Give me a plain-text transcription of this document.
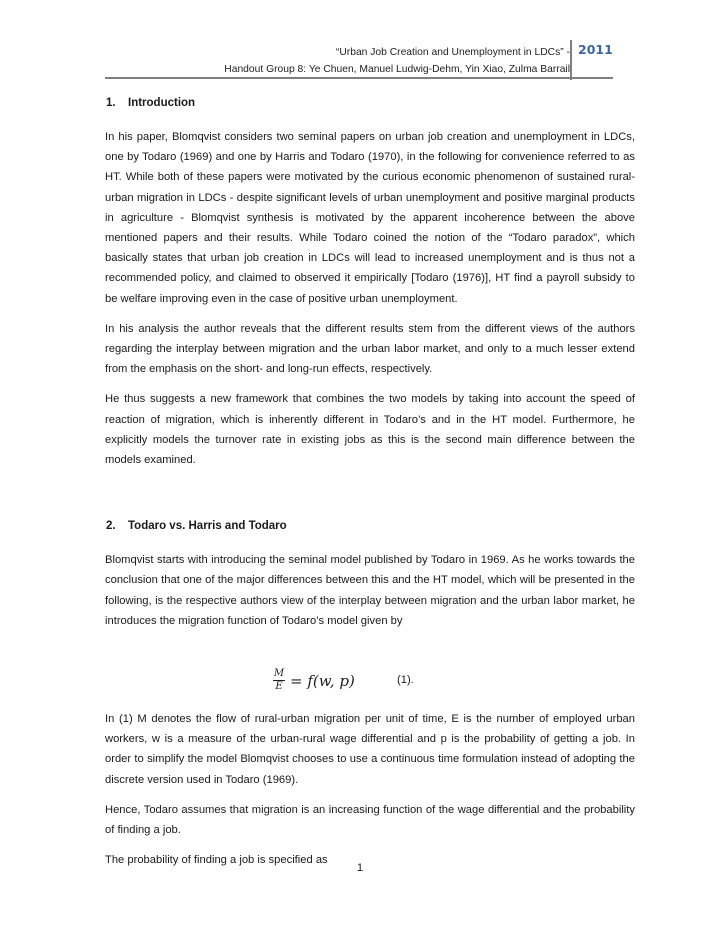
“Urban Job Creation and Unemployment in LDCs” -
Handout Group 8: Ye Chuen, Manuel Ludwig-Dehm, Yin Xiao, Zulma Barrail
2011
1. Introduction

In his paper, Blomqvist considers two seminal papers on urban job creation and unemployment in LDCs, one by Todaro (1969) and one by Harris and Todaro (1970), in the following for convenience referred to as HT. While both of these papers were motivated by the curious economic phenomenon of sustained rural-urban migration in LDCs - despite significant levels of urban unemployment and positive marginal products in agriculture - Blomqvist synthesis is motivated by the apparent incoherence between the above mentioned papers and their results. While Todaro coined the notion of the “Todaro paradox”, which basically states that urban job creation in LDCs will lead to increased unemployment and is thus not a recommended policy, and claimed to observed it empirically [Todaro (1976)], HT find a payroll subsidy to be welfare improving even in the case of positive urban unemployment.

In his analysis the author reveals that the different results stem from the different views of the authors regarding the interplay between migration and the urban labor market, and only to a much lesser extend from the emphasis on the short- and long-run effects, respectively.

He thus suggests a new framework that combines the two models by taking into account the speed of reaction of migration, which is inherently different in Todaro’s and in the HT model. Furthermore, he explicitly models the turnover rate in existing jobs as this is the second main difference between the models examined.

2. Todaro vs. Harris and Todaro

Blomqvist starts with introducing the seminal model published by Todaro in 1969. As he works towards the conclusion that one of the major differences between this and the HT model, which will be presented in the following, is the respective authors view of the interplay between migration and the urban labor market, he introduces the migration function of Todaro’s model given by

$\frac{M}{E} = f(w$, p)	(1).

In (1) M denotes the flow of rural-urban migration per unit of time, E is the number of employed urban workers, w is a measure of the urban-rural wage differential and p is the probability of getting a job. In order to simplify the model Blomqvist chooses to use a continuous time formulation instead of adopting the discrete version used in Todaro (1969).

Hence, Todaro assumes that migration is an increasing function of the wage differential and the probability of finding a job.

The probability of finding a job is specified as

1
